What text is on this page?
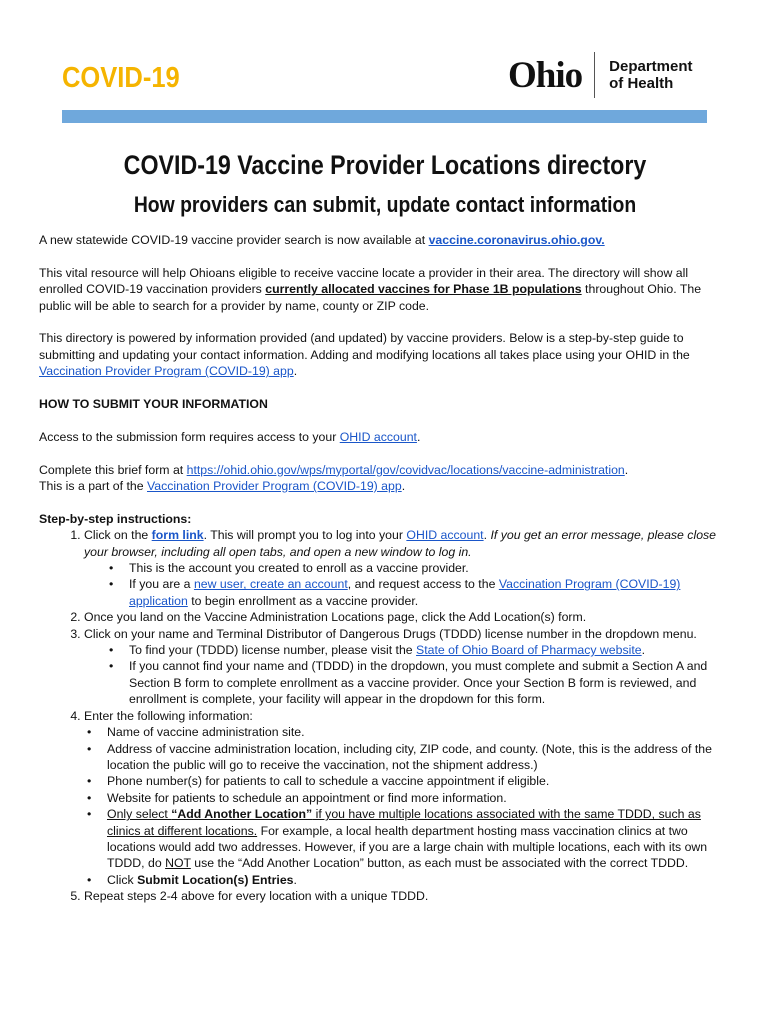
COVID-19	Ohio Department
of Health
COVID-19 Vaccine Provider Locations directory
How providers can submit, update contact information

A new statewide COVID-19 vaccine provider search is now available at vaccine.coronavirus.ohio.gov.

This vital resource will help Ohioans eligible to receive vaccine locate a provider in their area. The directory will show all enrolled COVID-19 vaccination providers currently allocated vaccines for Phase 1B populations throughout Ohio. The public will be able to search for a provider by name, county or ZIP code.

This directory is powered by information provided (and updated) by vaccine providers. Below is a step-by-step guide to submitting and updating your contact information. Adding and modifying locations all takes place using your OHID in the Vaccination Provider Program (COVID-19) app.

HOW TO SUBMIT YOUR INFORMATION

Access to the submission form requires access to your OHID account.

Complete this brief form at https://ohid.ohio.gov/wps/myportal/gov/covidvac/locations/vaccine-administration.
This is a part of the Vaccination Provider Program (COVID-19) app.

Step-by-step instructions:
1. Click on the form link. This will prompt you to log into your OHID account. If you get an error message, please close your browser, including all open tabs, and open a new window to log in.
• This is the account you created to enroll as a vaccine provider.
• If you are a new user, create an account, and request access to the Vaccination Program (COVID-19) application to begin enrollment as a vaccine provider.
2. Once you land on the Vaccine Administration Locations page, click the Add Location(s) form.
3. Click on your name and Terminal Distributor of Dangerous Drugs (TDDD) license number in the dropdown menu.
• To find your (TDDD) license number, please visit the State of Ohio Board of Pharmacy website.
• If you cannot find your name and (TDDD) in the dropdown, you must complete and submit a Section A and Section B form to complete enrollment as a vaccine provider. Once your Section B form is reviewed, and enrollment is complete, your facility will appear in the dropdown for this form.
4. Enter the following information:
• Name of vaccine administration site.
• Address of vaccine administration location, including city, ZIP code, and county. (Note, this is the address of the location the public will go to receive the vaccination, not the shipment address.)
• Phone number(s) for patients to call to schedule a vaccine appointment if eligible.
• Website for patients to schedule an appointment or find more information.
• Only select “Add Another Location” if you have multiple locations associated with the same TDDD, such as clinics at different locations. For example, a local health department hosting mass vaccination clinics at two locations would add two addresses. However, if you are a large chain with multiple locations, each with its own TDDD, do NOT use the “Add Another Location” button, as each must be associated with the correct TDDD.
• Click Submit Location(s) Entries.
5. Repeat steps 2-4 above for every location with a unique TDDD.
